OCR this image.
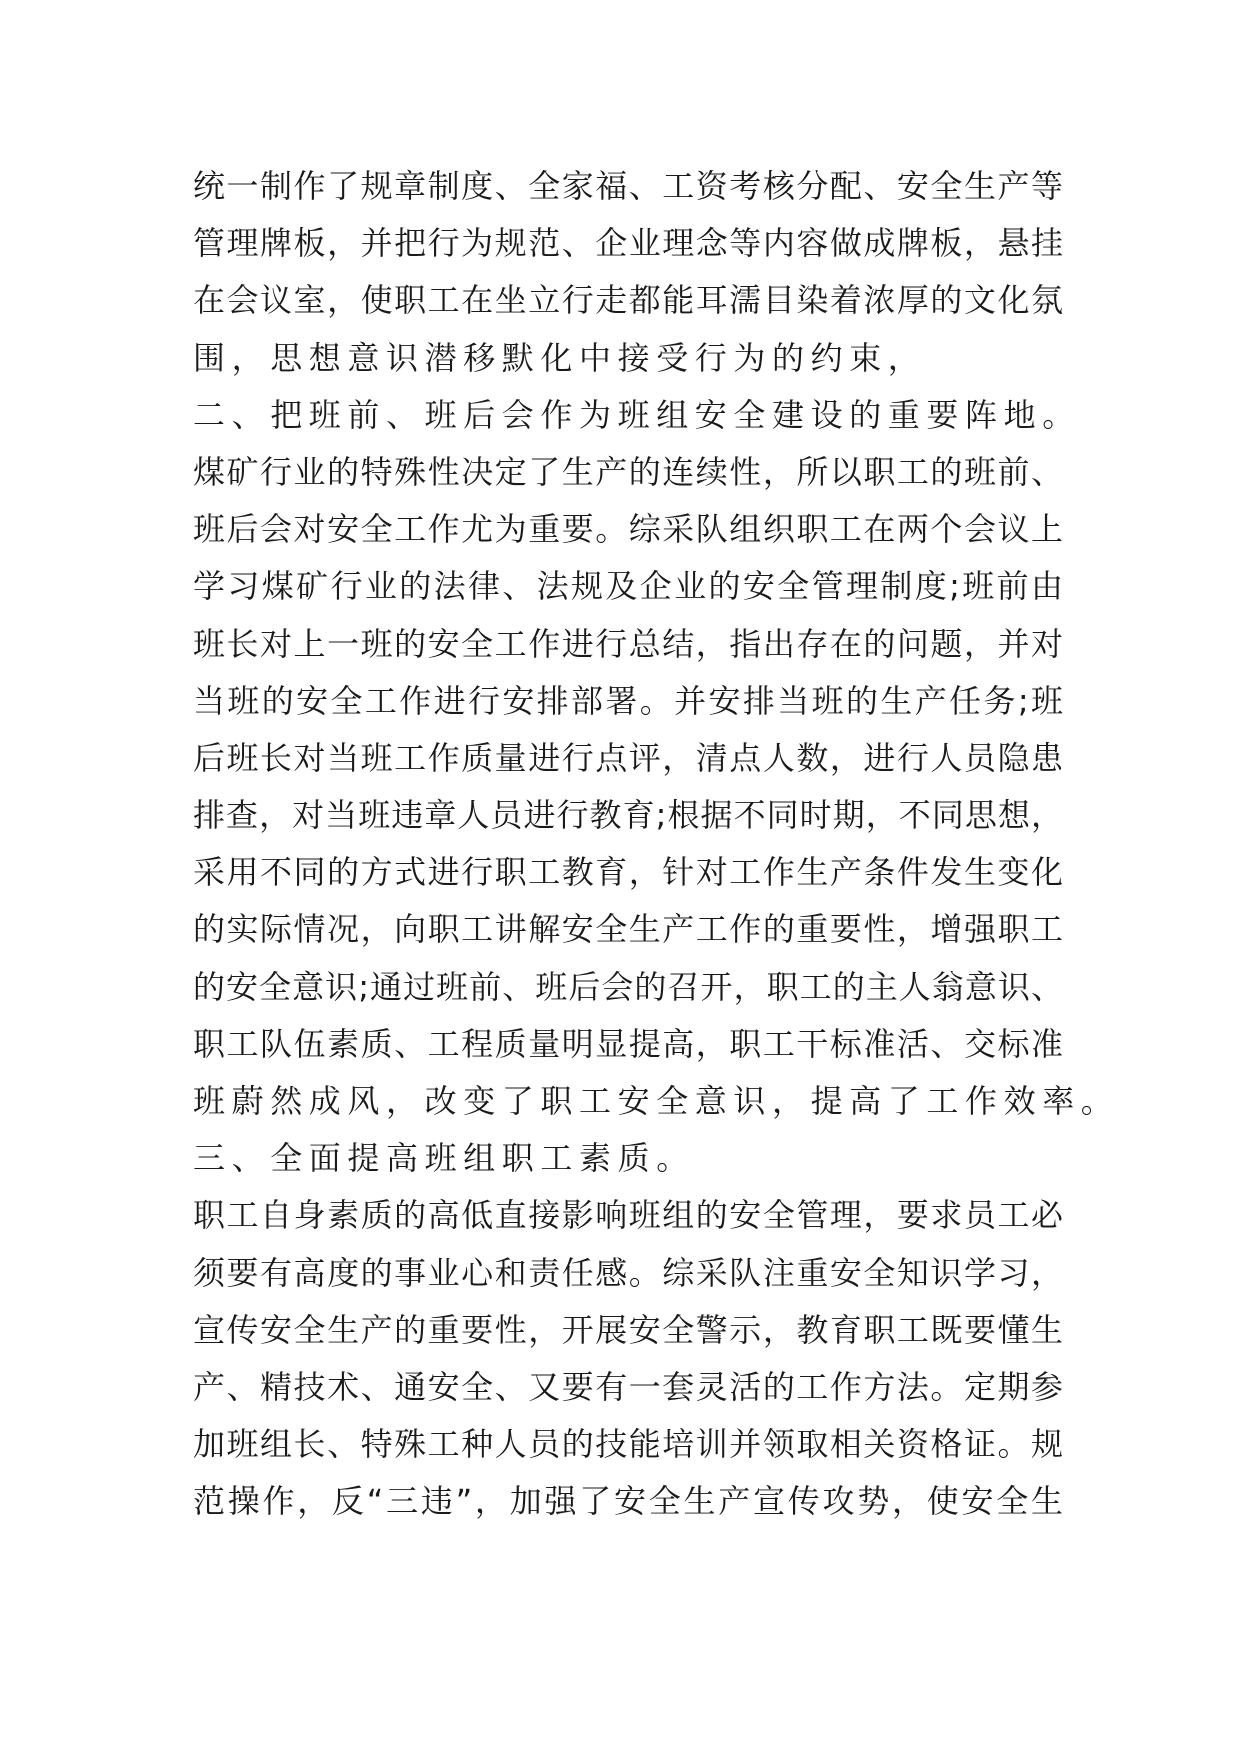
统一制作了规章制度、全家福、工资考核分配、安全生产等
管理牌板，并把行为规范、企业理念等内容做成牌板，悬挂
在会议室，使职工在坐立行走都能耳濡目染着浓厚的文化氛
围，思想意识潜移默化中接受行为的约束，
二、把班前、班后会作为班组安全建设的重要阵地。
煤矿行业的特殊性决定了生产的连续性，所以职工的班前、
班后会对安全工作尤为重要。综采队组织职工在两个会议上
学习煤矿行业的法律、法规及企业的安全管理制度;班前由
班长对上一班的安全工作进行总结，指出存在的问题，并对
当班的安全工作进行安排部署。并安排当班的生产任务;班
后班长对当班工作质量进行点评，清点人数，进行人员隐患
排查，对当班违章人员进行教育;根据不同时期，不同思想，
采用不同的方式进行职工教育，针对工作生产条件发生变化
的实际情况，向职工讲解安全生产工作的重要性，增强职工
的安全意识;通过班前、班后会的召开，职工的主人翁意识、
职工队伍素质、工程质量明显提高，职工干标准活、交标准
班蔚然成风，改变了职工安全意识，提高了工作效率。
三、全面提高班组职工素质。
职工自身素质的高低直接影响班组的安全管理，要求员工必
须要有高度的事业心和责任感。综采队注重安全知识学习，
宣传安全生产的重要性，开展安全警示，教育职工既要懂生
产、精技术、通安全、又要有一套灵活的工作方法。定期参
加班组长、特殊工种人员的技能培训并领取相关资格证。规
范操作，反“三违”，加强了安全生产宣传攻势，使安全生
